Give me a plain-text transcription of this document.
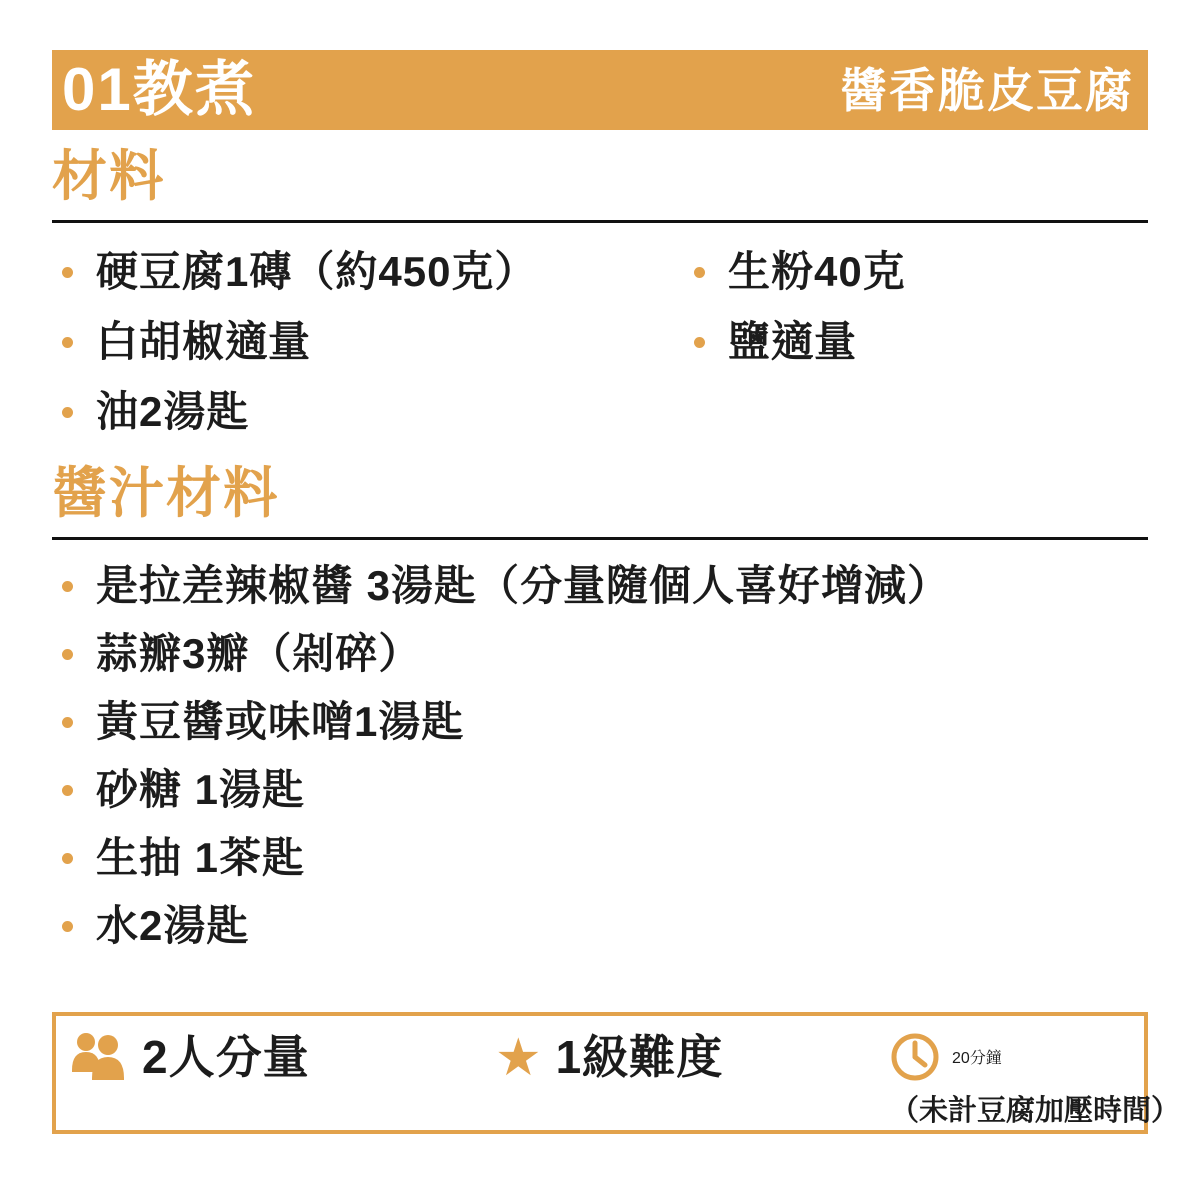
01教煮	醬香脆皮豆腐
材料
硬豆腐1磚（約450克）
白胡椒適量
油2湯匙
生粉40克
鹽適量
醬汁材料
是拉差辣椒醬 3湯匙（分量隨個人喜好增減）
蒜瓣3瓣（剁碎）
黃豆醬或味噌1湯匙
砂糖 1湯匙
生抽 1茶匙
水2湯匙
2人分量	★ 1級難度	20分鐘
（未計豆腐加壓時間）
